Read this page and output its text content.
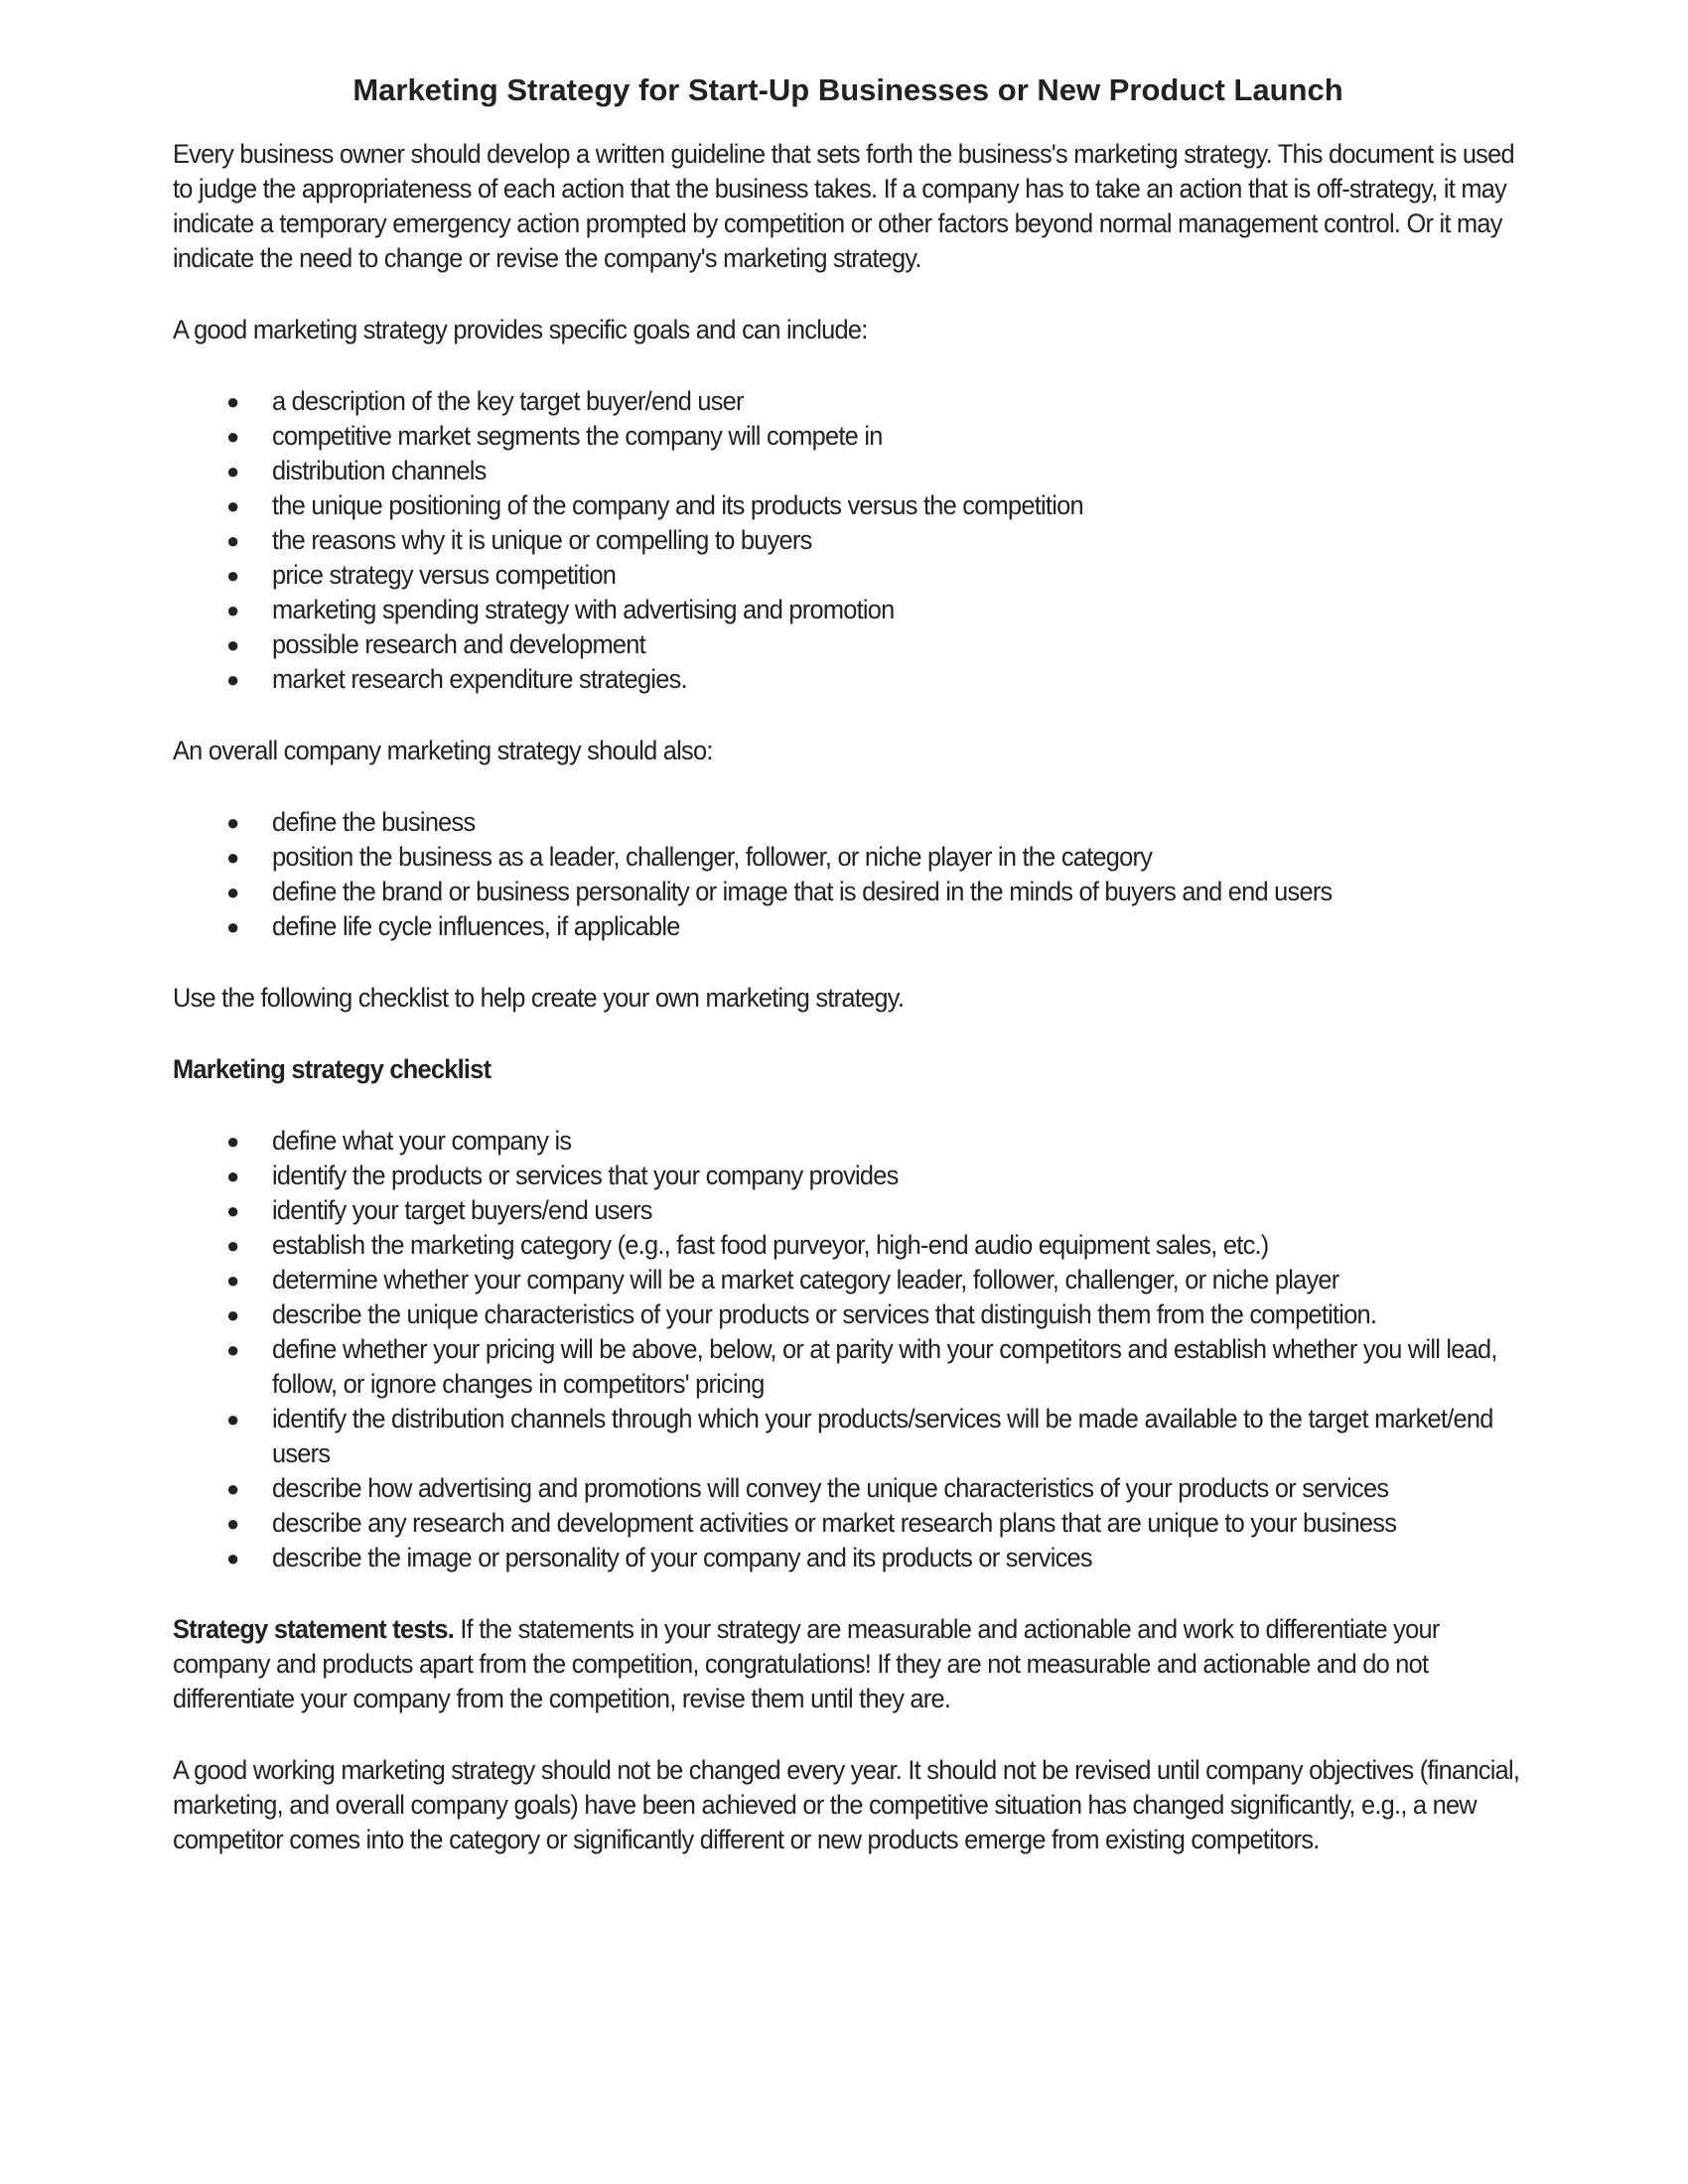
Marketing Strategy for Start-Up Businesses or New Product Launch

Every business owner should develop a written guideline that sets forth the business's marketing strategy. This document is used to judge the appropriateness of each action that the business takes. If a company has to take an action that is off-strategy, it may indicate a temporary emergency action prompted by competition or other factors beyond normal management control. Or it may indicate the need to change or revise the company's marketing strategy.

A good marketing strategy provides specific goals and can include:

● a description of the key target buyer/end user
● competitive market segments the company will compete in
● distribution channels
● the unique positioning of the company and its products versus the competition
● the reasons why it is unique or compelling to buyers
● price strategy versus competition
● marketing spending strategy with advertising and promotion
● possible research and development
● market research expenditure strategies.

An overall company marketing strategy should also:

● define the business
● position the business as a leader, challenger, follower, or niche player in the category
● define the brand or business personality or image that is desired in the minds of buyers and end users
● define life cycle influences, if applicable

Use the following checklist to help create your own marketing strategy.

Marketing strategy checklist

● define what your company is
● identify the products or services that your company provides
● identify your target buyers/end users
● establish the marketing category (e.g., fast food purveyor, high-end audio equipment sales, etc.)
● determine whether your company will be a market category leader, follower, challenger, or niche player
● describe the unique characteristics of your products or services that distinguish them from the competition.
● define whether your pricing will be above, below, or at parity with your competitors and establish whether you will lead, follow, or ignore changes in competitors' pricing
● identify the distribution channels through which your products/services will be made available to the target market/end users
● describe how advertising and promotions will convey the unique characteristics of your products or services
● describe any research and development activities or market research plans that are unique to your business
● describe the image or personality of your company and its products or services

Strategy statement tests. If the statements in your strategy are measurable and actionable and work to differentiate your company and products apart from the competition, congratulations! If they are not measurable and actionable and do not differentiate your company from the competition, revise them until they are.

A good working marketing strategy should not be changed every year. It should not be revised until company objectives (financial, marketing, and overall company goals) have been achieved or the competitive situation has changed significantly, e.g., a new competitor comes into the category or significantly different or new products emerge from existing competitors.
